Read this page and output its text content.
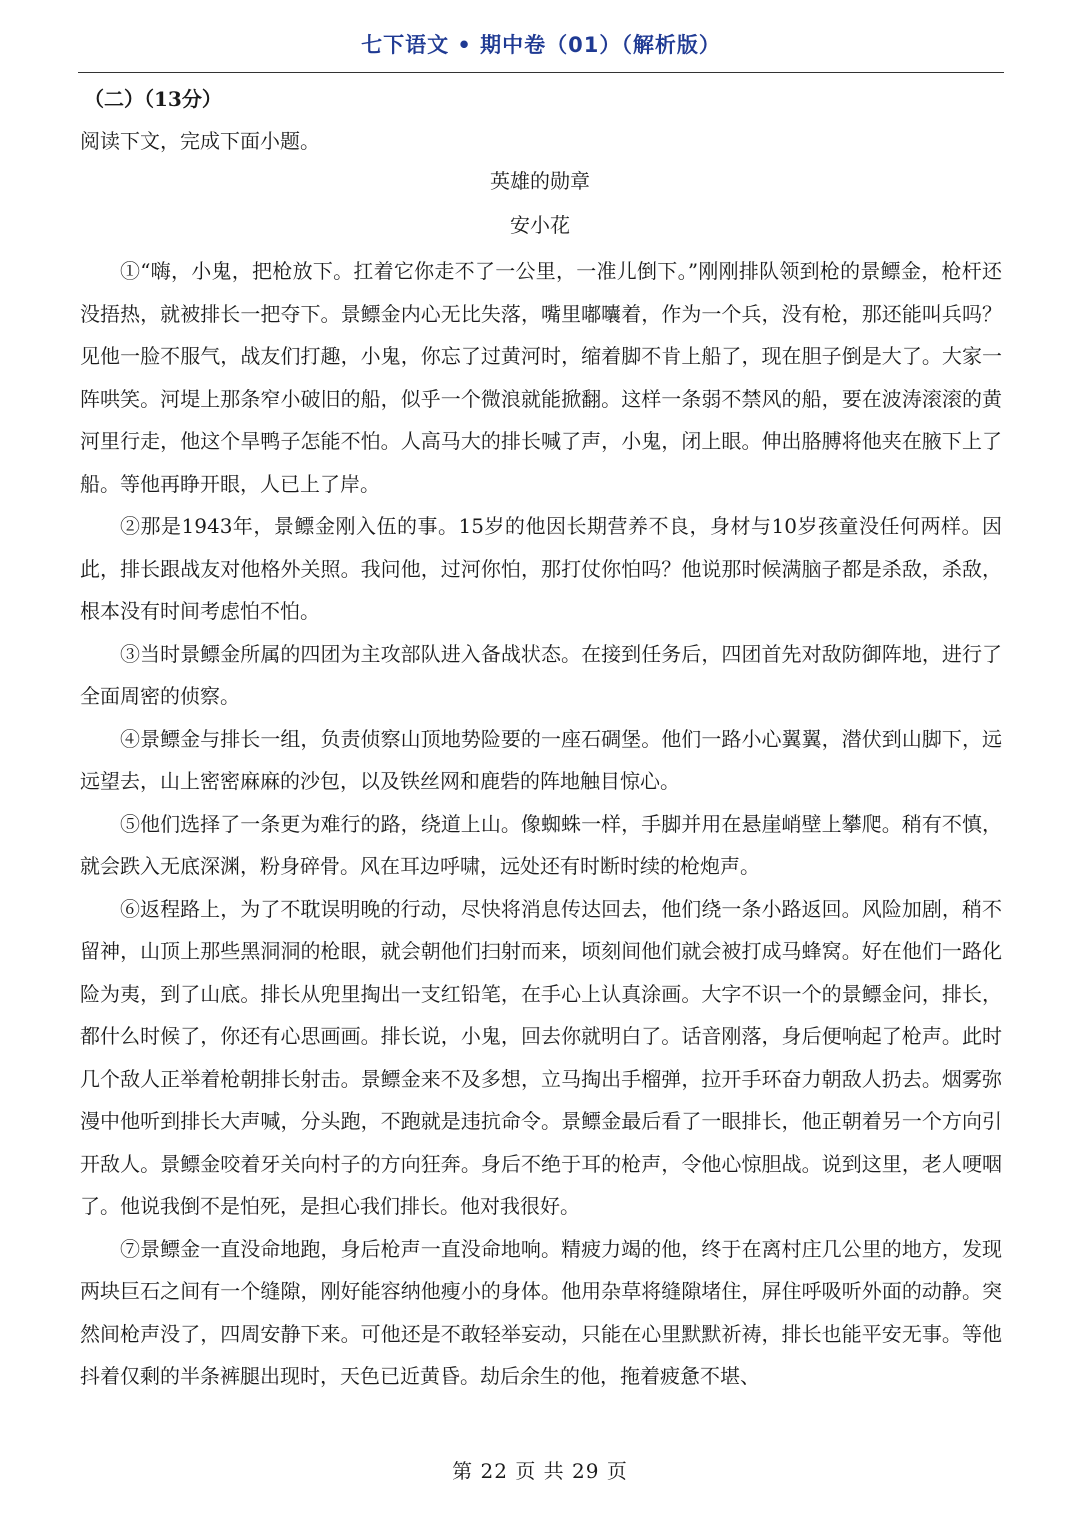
七下语文 • 期中卷（01）（解析版）
（二）（13分）
阅读下文，完成下面小题。
英雄的勋章
安小花

①“嗨，小鬼，把枪放下。扛着它你走不了一公里，一准儿倒下。”刚刚排队领到枪的景鳔金，枪杆还没捂热，就被排长一把夺下。景鳔金内心无比失落，嘴里嘟囔着，作为一个兵，没有枪，那还能叫兵吗？见他一脸不服气，战友们打趣，小鬼，你忘了过黄河时，缩着脚不肯上船了，现在胆子倒是大了。大家一阵哄笑。河堤上那条窄小破旧的船，似乎一个微浪就能掀翻。这样一条弱不禁风的船，要在波涛滚滚的黄河里行走，他这个旱鸭子怎能不怕。人高马大的排长喊了声，小鬼，闭上眼。伸出胳膊将他夹在腋下上了船。等他再睁开眼，人已上了岸。

②那是1943年，景鳔金刚入伍的事。15岁的他因长期营养不良，身材与10岁孩童没任何两样。因此，排长跟战友对他格外关照。我问他，过河你怕，那打仗你怕吗？他说那时候满脑子都是杀敌，杀敌，根本没有时间考虑怕不怕。

③当时景鳔金所属的四团为主攻部队进入备战状态。在接到任务后，四团首先对敌防御阵地，进行了全面周密的侦察。

④景鳔金与排长一组，负责侦察山顶地势险要的一座石碉堡。他们一路小心翼翼，潜伏到山脚下，远远望去，山上密密麻麻的沙包，以及铁丝网和鹿砦的阵地触目惊心。

⑤他们选择了一条更为难行的路，绕道上山。像蜘蛛一样，手脚并用在悬崖峭壁上攀爬。稍有不慎，就会跌入无底深渊，粉身碎骨。风在耳边呼啸，远处还有时断时续的枪炮声。

⑥返程路上，为了不耽误明晚的行动，尽快将消息传达回去，他们绕一条小路返回。风险加剧，稍不留神，山顶上那些黑洞洞的枪眼，就会朝他们扫射而来，顷刻间他们就会被打成马蜂窝。好在他们一路化险为夷，到了山底。排长从兜里掏出一支红铅笔，在手心上认真涂画。大字不识一个的景鳔金问，排长，都什么时候了，你还有心思画画。排长说，小鬼，回去你就明白了。话音刚落，身后便响起了枪声。此时几个敌人正举着枪朝排长射击。景鳔金来不及多想，立马掏出手榴弹，拉开手环奋力朝敌人扔去。烟雾弥漫中他听到排长大声喊，分头跑，不跑就是违抗命令。景鳔金最后看了一眼排长，他正朝着另一个方向引开敌人。景鳔金咬着牙关向村子的方向狂奔。身后不绝于耳的枪声，令他心惊胆战。说到这里，老人哽咽了。他说我倒不是怕死，是担心我们排长。他对我很好。

⑦景鳔金一直没命地跑，身后枪声一直没命地响。精疲力竭的他，终于在离村庄几公里的地方，发现两块巨石之间有一个缝隙，刚好能容纳他瘦小的身体。他用杂草将缝隙堵住，屏住呼吸听外面的动静。突然间枪声没了，四周安静下来。可他还是不敢轻举妄动，只能在心里默默祈祷，排长也能平安无事。等他抖着仅剩的半条裤腿出现时，天色已近黄昏。劫后余生的他，拖着疲惫不堪、

第 22 页 共 29 页
